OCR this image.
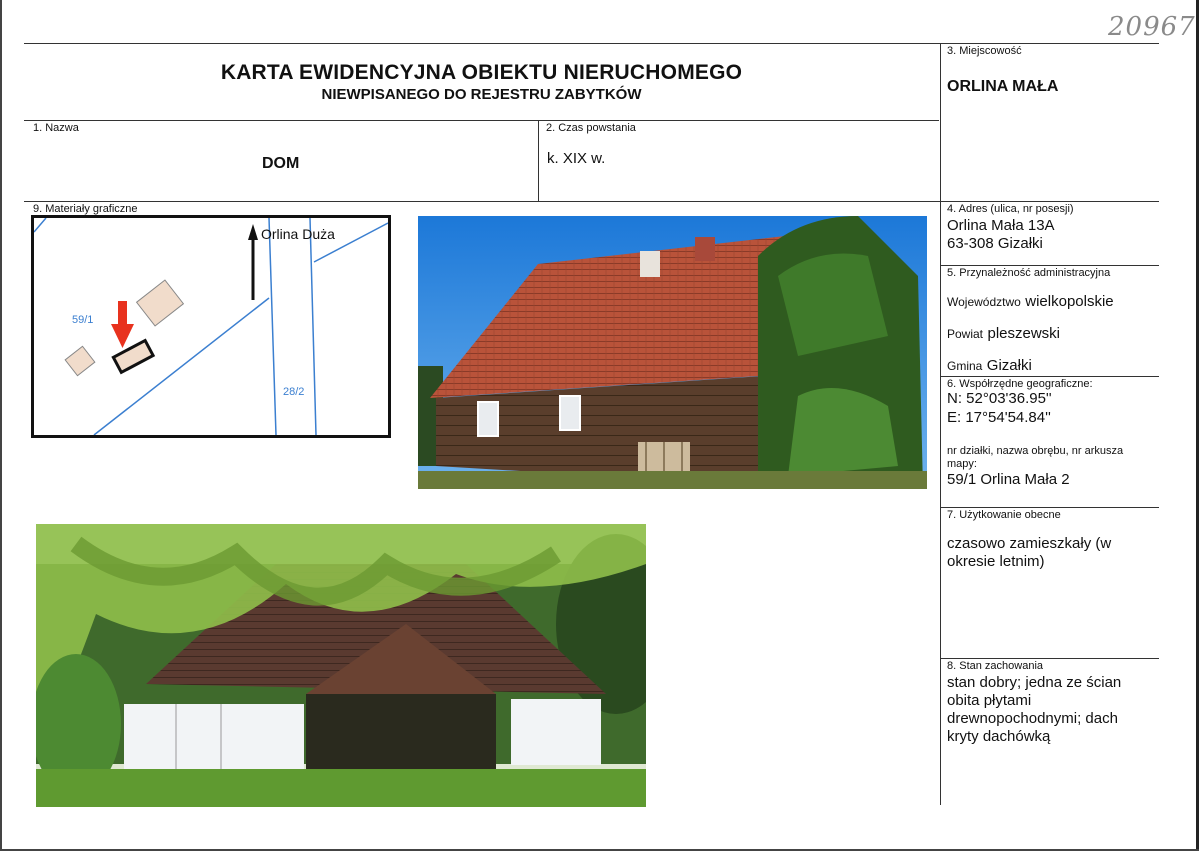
20967
KARTA EWIDENCYJNA OBIEKTU NIERUCHOMEGO
NIEWPISANEGO DO REJESTRU ZABYTKÓW
1. Nazwa
DOM
2. Czas powstania
k. XIX w.
3. Miejscowość
ORLINA MAŁA
4. Adres (ulica, nr posesji)
Orlina Mała 13A
63-308 Gizałki
5. Przynależność administracyjna
Województwo wielkopolskie
Powiat pleszewski
Gmina Gizałki
6. Współrzędne geograficzne:
N: 52°03'36.95''
E: 17°54'54.84''
nr działki, nazwa obrębu, nr arkusza
mapy:
59/1 Orlina Mała 2
7. Użytkowanie obecne
czasowo zamieszkały (w
okresie letnim)
8. Stan zachowania
stan dobry; jedna ze ścian
obita płytami
drewnopochodnymi; dach
kryty dachówką
9. Materiały graficzne
Orlina Duża
59/1
28/2
